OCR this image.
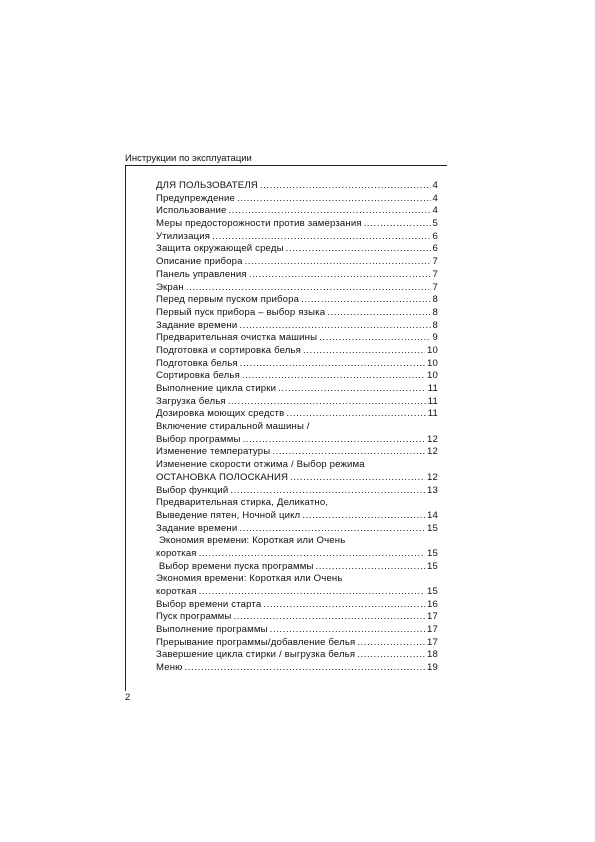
Инструкции по эксплуатации
ДЛЯ ПОЛЬЗОВАТЕЛЯ .....	4
Предупреждение .....	4
Использование .....	4
Меры предосторожности против замерзания .....	5
Утилизация .....	6
Защита окружающей среды .....	6
Описание прибора .....	7
Панель управления .....	7
Экран .....	7
Перед первым пуском прибора .....	8
Первый пуск прибора – выбор языка .....	8
Задание времени .....	8
Предварительная очистка машины .....	9
Подготовка и сортировка белья .....	10
Подготовка белья .....	10
Сортировка белья .....	10
Выполнение цикла стирки .....	11
Загрузка белья .....	11
Дозировка моющих средств .....	11
Включение стиральной машины /
Выбор программы .....	12
Изменение температуры .....	12
Изменение скорости отжима / Выбор режима
ОСТАНОВКА ПОЛОСКАНИЯ .....	12
Выбор функций .....	13
Предварительная стирка, Деликатно,
Выведение пятен, Ночной цикл .....	14
Задание времени .....	15
Экономия времени: Короткая или Очень
короткая .....	15
Выбор времени пуска программы .....	15
Экономия времени: Короткая или Очень
короткая .....	15
Выбор времени старта .....	16
Пуск программы .....	17
Выполнение программы .....	17
Прерывание программы/добавление белья .....	17
Завершение цикла стирки / выгрузка белья .....	18
Меню .....	19
2
